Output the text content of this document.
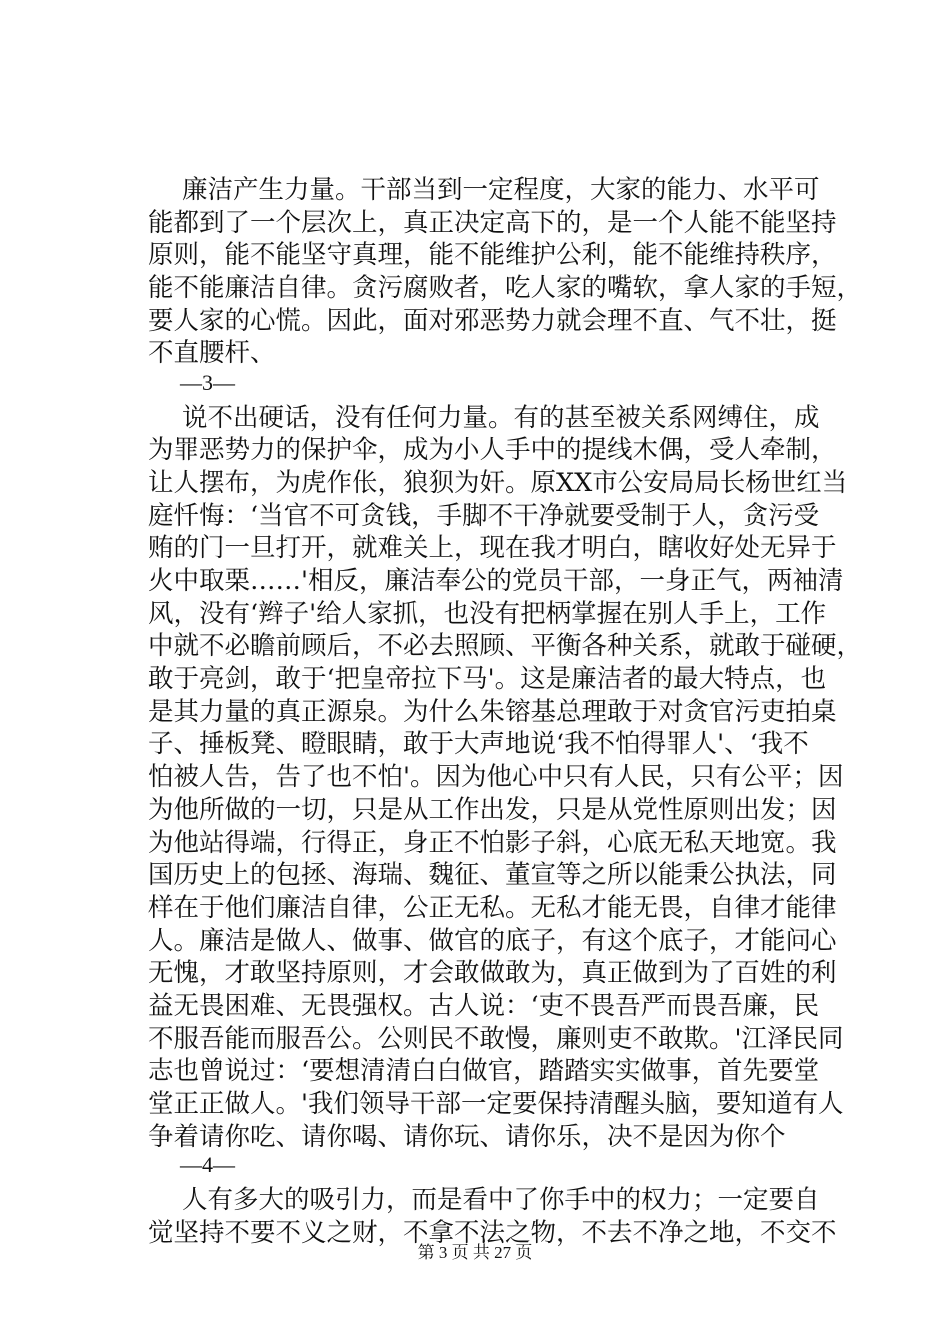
廉洁产生力量。干部当到一定程度，大家的能力、水平可
能都到了一个层次上，真正决定高下的，是一个人能不能坚持
原则，能不能坚守真理，能不能维护公利，能不能维持秩序，
能不能廉洁自律。贪污腐败者，吃人家的嘴软，拿人家的手短，
要人家的心慌。因此，面对邪恶势力就会理不直、气不壮，挺
不直腰杆、
—3—
说不出硬话，没有任何力量。有的甚至被关系网缚住，成
为罪恶势力的保护伞，成为小人手中的提线木偶，受人牵制，
让人摆布，为虎作伥，狼狈为奸。原XX市公安局局长杨世红当
庭忏悔：‘当官不可贪钱，手脚不干净就要受制于人，贪污受
贿的门一旦打开，就难关上，现在我才明白，瞎收好处无异于
火中取栗……'相反，廉洁奉公的党员干部，一身正气，两袖清
风，没有‘辫子'给人家抓，也没有把柄掌握在别人手上，工作
中就不必瞻前顾后，不必去照顾、平衡各种关系，就敢于碰硬，
敢于亮剑，敢于‘把皇帝拉下马'。这是廉洁者的最大特点，也
是其力量的真正源泉。为什么朱镕基总理敢于对贪官污吏拍桌
子、捶板凳、瞪眼睛，敢于大声地说‘我不怕得罪人'、‘我不
怕被人告，告了也不怕'。因为他心中只有人民，只有公平；因
为他所做的一切，只是从工作出发，只是从党性原则出发；因
为他站得端，行得正，身正不怕影子斜，心底无私天地宽。我
国历史上的包拯、海瑞、魏征、董宣等之所以能秉公执法，同
样在于他们廉洁自律，公正无私。无私才能无畏，自律才能律
人。廉洁是做人、做事、做官的底子，有这个底子，才能问心
无愧，才敢坚持原则，才会敢做敢为，真正做到为了百姓的利
益无畏困难、无畏强权。古人说：‘吏不畏吾严而畏吾廉，民
不服吾能而服吾公。公则民不敢慢，廉则吏不敢欺。'江泽民同
志也曾说过：‘要想清清白白做官，踏踏实实做事，首先要堂
堂正正做人。'我们领导干部一定要保持清醒头脑，要知道有人
争着请你吃、请你喝、请你玩、请你乐，决不是因为你个
—4—
人有多大的吸引力，而是看中了你手中的权力；一定要自
觉坚持不要不义之财，不拿不法之物，不去不净之地，不交不
第 3 页 共 27 页
